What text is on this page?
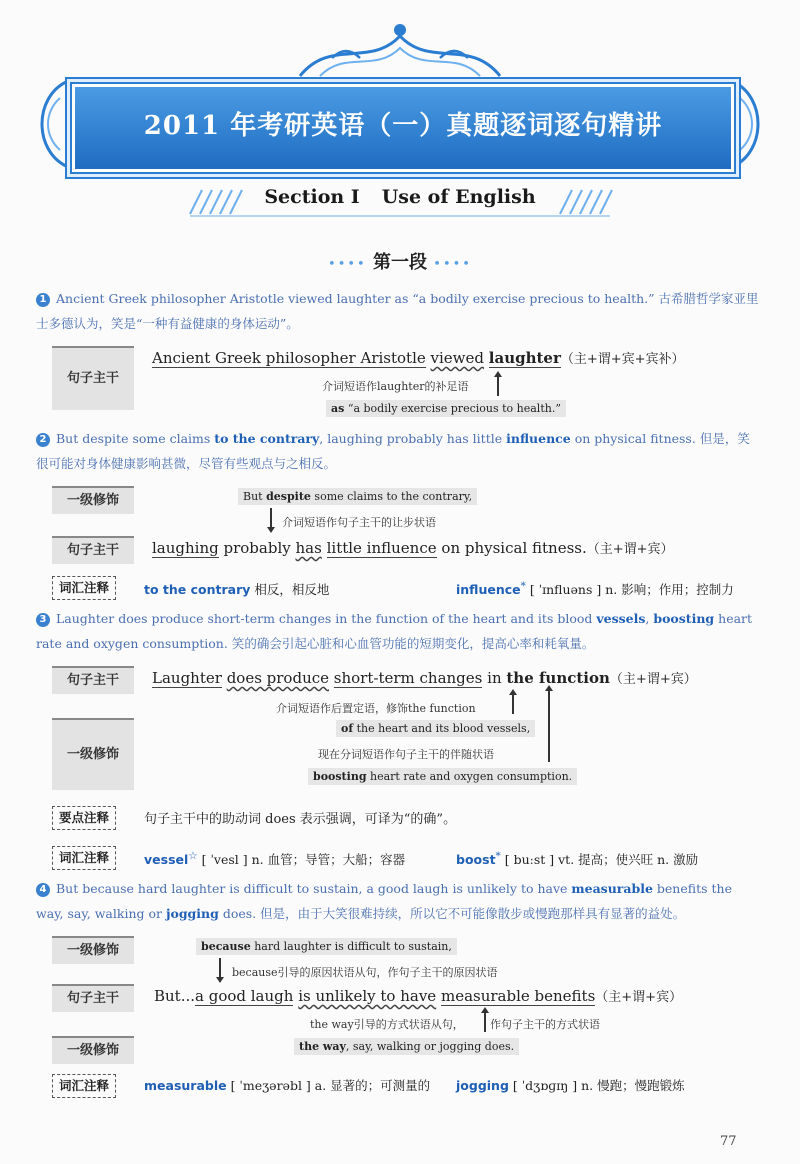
2011 年考研英语（一）真题逐词逐句精讲
Section Ⅰ Use of English
•••• 第一段 ••••
1 Ancient Greek philosopher Aristotle viewed laughter as “a bodily exercise precious to health.” 古希腊哲学家亚里士多德认为，笑是“一种有益健康的身体运动”。
句子主干
Ancient Greek philosopher Aristotle viewed laughter（主+谓+宾+宾补）
介词短语作laughter的补足语
as “a bodily exercise precious to health.”
2 But despite some claims to the contrary, laughing probably has little influence on physical fitness. 但是，笑很可能对身体健康影响甚微，尽管有些观点与之相反。
一级修饰	But despite some claims to the contrary,
介词短语作句子主干的让步状语
句子主干	laughing probably has little influence on physical fitness.（主+谓+宾）
词汇注释	to the contrary 相反，相反地	influence* [ ˈɪnfluəns ] n. 影响；作用；控制力
3 Laughter does produce short-term changes in the function of the heart and its blood vessels, boosting heart rate and oxygen consumption. 笑的确会引起心脏和心血管功能的短期变化，提高心率和耗氧量。
句子主干	Laughter does produce short-term changes in the function（主+谓+宾）
介词短语作后置定语，修饰the function
of the heart and its blood vessels,
一级修饰	现在分词短语作句子主干的伴随状语
boosting heart rate and oxygen consumption.
要点注释	句子主干中的助动词 does 表示强调，可译为“的确”。
词汇注释	vessel☆ [ ˈvesl ] n. 血管；导管；大船；容器	boost* [ buːst ] vt. 提高；使兴旺 n. 激励
4 But because hard laughter is difficult to sustain, a good laugh is unlikely to have measurable benefits the way, say, walking or jogging does. 但是，由于大笑很难持续，所以它不可能像散步或慢跑那样具有显著的益处。
一级修饰	because hard laughter is difficult to sustain,
because引导的原因状语从句，作句子主干的原因状语
句子主干	But...a good laugh is unlikely to have measurable benefits（主+谓+宾）
the way引导的方式状语从句， 作句子主干的方式状语
一级修饰	the way, say, walking or jogging does.
词汇注释	measurable [ ˈmeʒərəbl ] a. 显著的；可测量的 jogging [ ˈdʒɒɡɪŋ ] n. 慢跑；慢跑锻炼
77
